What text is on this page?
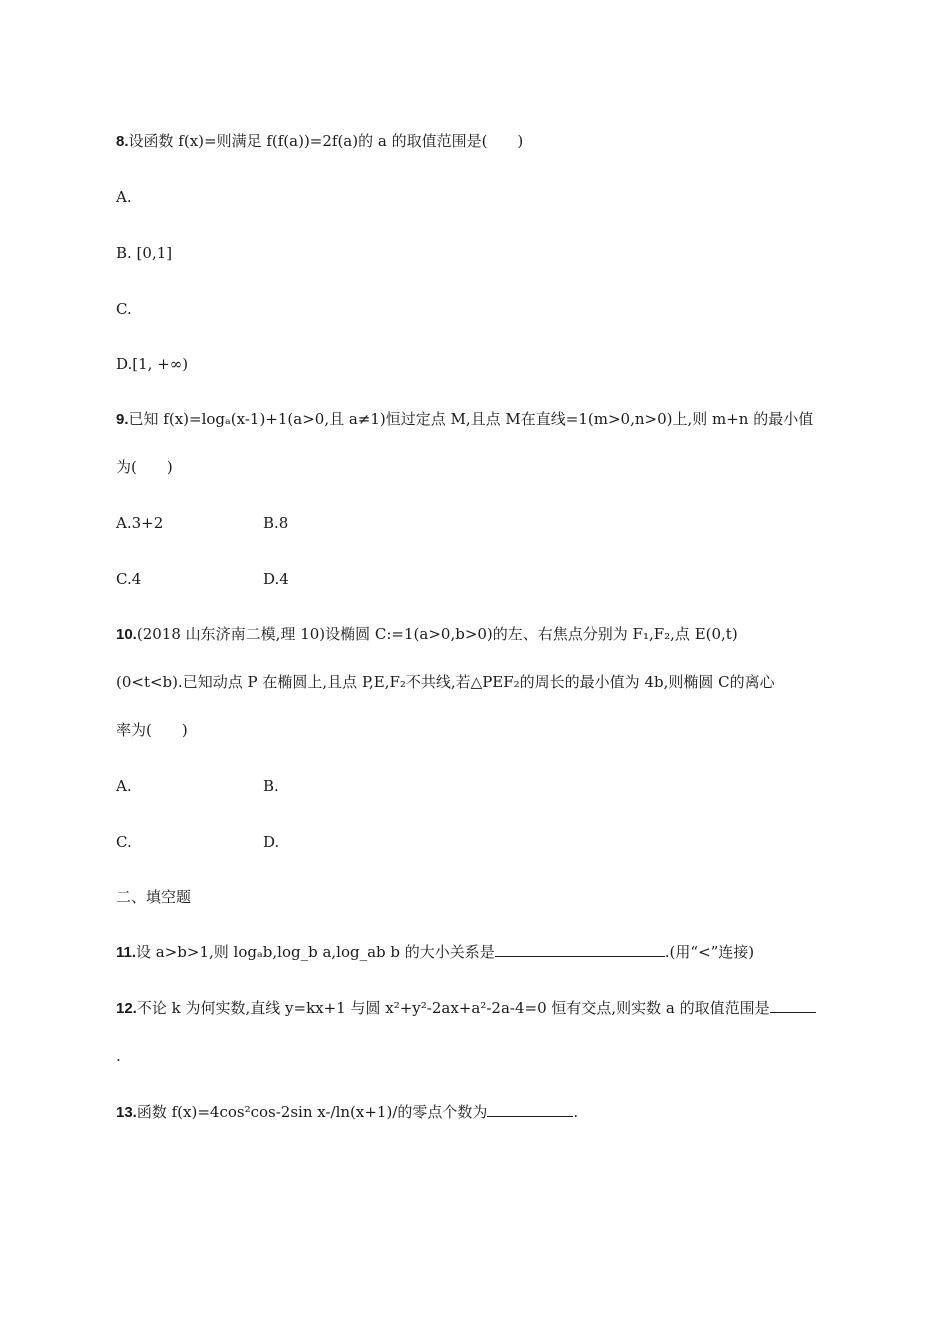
8.设函数 f(x)=则满足 f(f(a))=2f(a)的 a 的取值范围是(　　)
A.
B. [0,1]
C.
D.[1, +∞)
9.已知 f(x)=logₐ(x-1)+1(a>0,且 a≠1)恒过定点 M,且点 M在直线=1(m>0,n>0)上,则 m+n 的最小值
为(　　)
A.3+2	B.8
C.4	D.4
10.(2018 山东济南二模,理 10)设椭圆 C:=1(a>0,b>0)的左、右焦点分别为 F₁,F₂,点 E(0,t)
(0<t<b).已知动点 P 在椭圆上,且点 P,E,F₂不共线,若△PEF₂的周长的最小值为 4b,则椭圆 C的离心
率为(　　)
A.	B.
C.	D.
二、填空题
11.设 a>b>1,则 logₐb,log_b a,log_ab b 的大小关系是	.(用“<”连接)
12.不论 k 为何实数,直线 y=kx+1 与圆 x²+y²-2ax+a²-2a-4=0 恒有交点,则实数 a 的取值范围是
.
13.函数 f(x)=4cos²cos-2sin x-/ln(x+1)/的零点个数为	.
